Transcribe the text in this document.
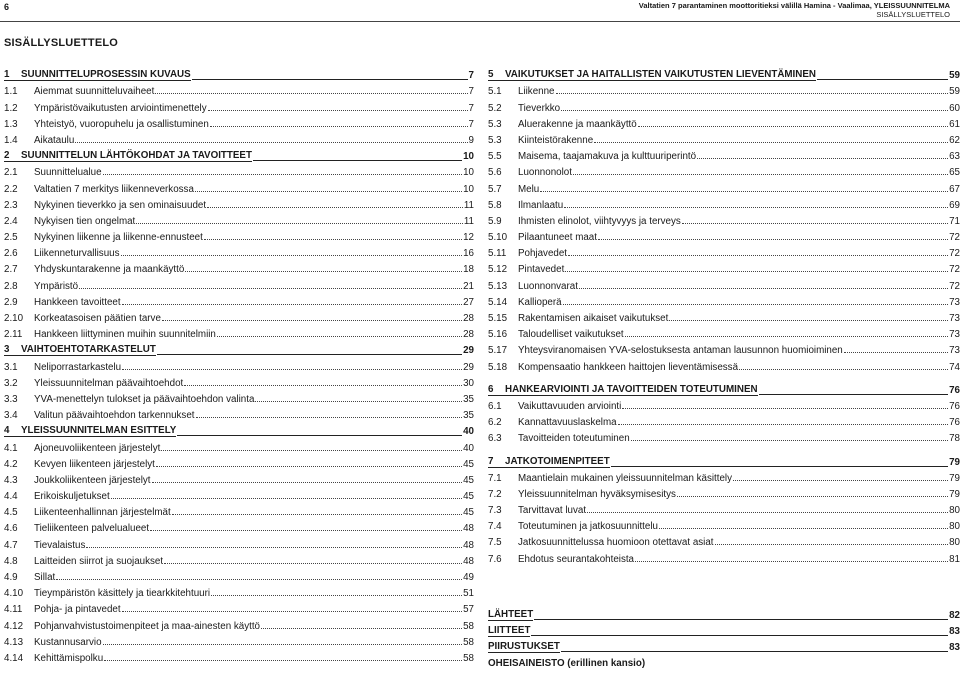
6	Valtatien 7 parantaminen moottoritieksi välillä Hamina - Vaalimaa, YLEISSUUNNITELMA
SISÄLLYSLUETTELO
SISÄLLYSLUETTELO
1	SUUNNITTELUPROSESSIN KUVAUS	7
1.1	Aiemmat suunnitteluvaiheet	7
1.2	Ympäristövaikutusten arviointimenettely	7
1.3	Yhteistyö, vuoropuhelu ja osallistuminen	7
1.4	Aikataulu	9
2	SUUNNITTELUN LÄHTÖKOHDAT JA TAVOITTEET	10
2.1	Suunnittelualue	10
2.2	Valtatien 7 merkitys liikenneverkossa	10
2.3	Nykyinen tieverkko ja sen ominaisuudet	11
2.4	Nykyisen tien ongelmat	11
2.5	Nykyinen liikenne ja liikenne-ennusteet	12
2.6	Liikenneturvallisuus	16
2.7	Yhdyskuntarakenne ja maankäyttö	18
2.8	Ympäristö	21
2.9	Hankkeen tavoitteet	27
2.10	Korkeatasoisen päätien tarve	28
2.11	Hankkeen liittyminen muihin suunnitelmiin	28
3	VAIHTOEHTOTARKASTELUT	29
3.1	Neliporrastarkastelu	29
3.2	Yleissuunnitelman päävaihtoehdot	30
3.3	YVA-menettelyn tulokset ja päävaihtoehdon valinta	35
3.4	Valitun päävaihtoehdon tarkennukset	35
4	YLEISSUUNNITELMAN ESITTELY	40
4.1	Ajoneuvoliikenteen järjestelyt	40
4.2	Kevyen liikenteen järjestelyt	45
4.3	Joukkoliikenteen järjestelyt	45
4.4	Erikoiskuljetukset	45
4.5	Liikenteenhallinnan järjestelmät	45
4.6	Tieliikenteen palvelualueet	48
4.7	Tievalaistus	48
4.8	Laitteiden siirrot ja suojaukset	48
4.9	Sillat	49
4.10	Tieympäristön käsittely ja tiearkkitehtuuri	51
4.11	Pohja- ja pintavedet	57
4.12	Pohjanvahvistustoimenpiteet ja maa-ainesten käyttö	58
4.13	Kustannusarvio	58
4.14	Kehittämispolku	58
5	VAIKUTUKSET JA HAITALLISTEN VAIKUTUSTEN LIEVENTÄMINEN	59
5.1	Liikenne	59
5.2	Tieverkko	60
5.3	Aluerakenne ja maankäyttö	61
5.3	Kiinteistörakenne	62
5.5	Maisema, taajamakuva ja kulttuuriperintö	63
5.6	Luonnonolot	65
5.7	Melu	67
5.8	Ilmanlaatu	69
5.9	Ihmisten elinolot, viihtyvyys ja terveys	71
5.10	Pilaantuneet maat	72
5.11	Pohjavedet	72
5.12	Pintavedet	72
5.13	Luonnonvarat	72
5.14	Kallioperä	73
5.15	Rakentamisen aikaiset vaikutukset	73
5.16	Taloudelliset vaikutukset	73
5.17	Yhteysviranomaisen YVA-selostuksesta antaman lausunnon huomioiminen	73
5.18	Kompensaatio hankkeen haittojen lieventämisessä	74
6	HANKEARVIOINTI JA TAVOITTEIDEN TOTEUTUMINEN	76
6.1	Vaikuttavuuden arviointi	76
6.2	Kannattavuuslaskelma	76
6.3	Tavoitteiden toteutuminen	78
7	JATKOTOIMENPITEET	79
7.1	Maantielain mukainen yleissuunnitelman käsittely	79
7.2	Yleissuunnitelman hyväksymisesitys	79
7.3	Tarvittavat luvat	80
7.4	Toteutuminen ja jatkosuunnittelu	80
7.5	Jatkosuunnittelussa huomioon otettavat asiat	80
7.6	Ehdotus seurantakohteista	81
LÄHTEET	82
LIITTEET	83
PIIRUSTUKSET	83
OHEISAINEISTO (erillinen kansio)
